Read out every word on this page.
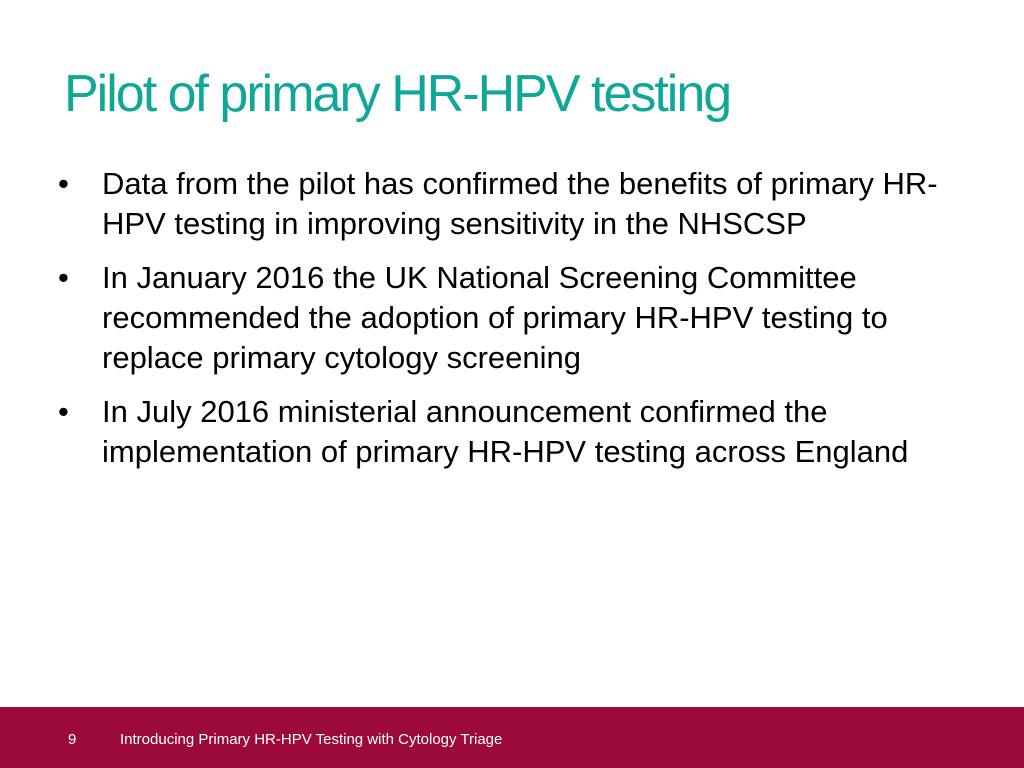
Pilot of primary HR-HPV testing
• Data from the pilot has confirmed the benefits of primary HR-HPV testing in improving sensitivity in the NHSCSP
• In January 2016 the UK National Screening Committee recommended the adoption of primary HR-HPV testing to replace primary cytology screening
• In July 2016 ministerial announcement confirmed the implementation of primary HR-HPV testing across England
9	Introducing Primary HR-HPV Testing with Cytology Triage
